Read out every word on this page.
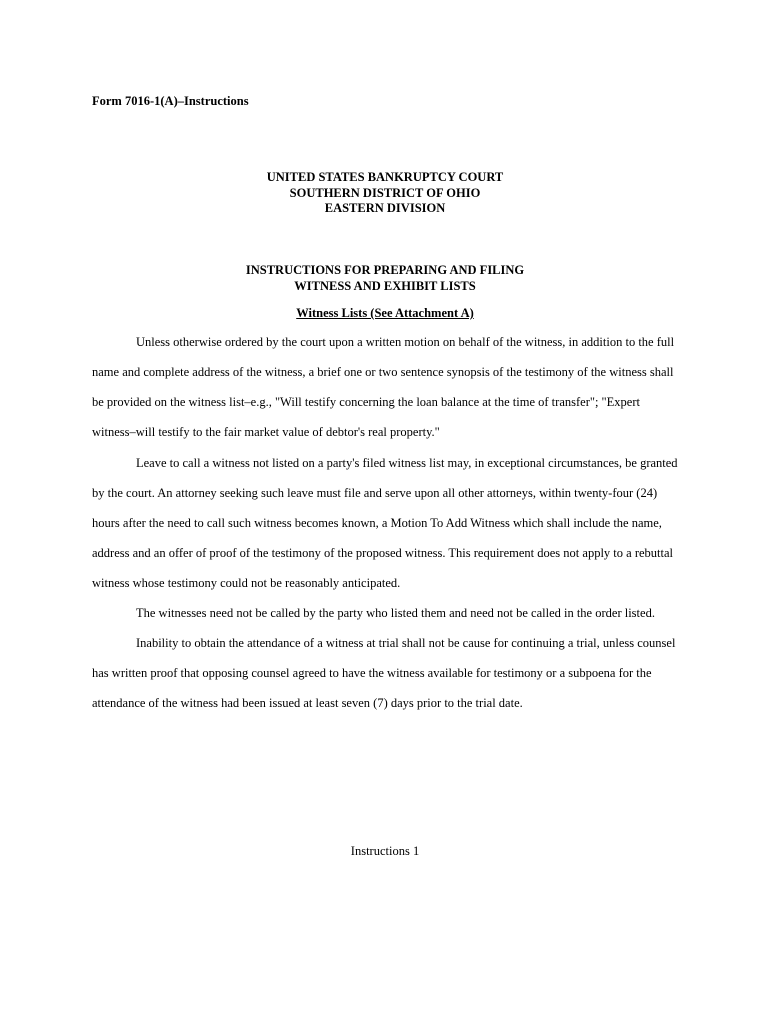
Form 7016-1(A)–Instructions
UNITED STATES BANKRUPTCY COURT
SOUTHERN DISTRICT OF OHIO
EASTERN DIVISION
INSTRUCTIONS FOR PREPARING AND FILING
WITNESS AND EXHIBIT LISTS
Witness Lists (See Attachment A)

Unless otherwise ordered by the court upon a written motion on behalf of the witness, in addition to the full name and complete address of the witness, a brief one or two sentence synopsis of the testimony of the witness shall be provided on the witness list–e.g., "Will testify concerning the loan balance at the time of transfer"; "Expert witness–will testify to the fair market value of debtor's real property."

Leave to call a witness not listed on a party's filed witness list may, in exceptional circumstances, be granted by the court. An attorney seeking such leave must file and serve upon all other attorneys, within twenty-four (24) hours after the need to call such witness becomes known, a Motion To Add Witness which shall include the name, address and an offer of proof of the testimony of the proposed witness. This requirement does not apply to a rebuttal witness whose testimony could not be reasonably anticipated.

The witnesses need not be called by the party who listed them and need not be called in the order listed.

Inability to obtain the attendance of a witness at trial shall not be cause for continuing a trial, unless counsel has written proof that opposing counsel agreed to have the witness available for testimony or a subpoena for the attendance of the witness had been issued at least seven (7) days prior to the trial date.

Instructions 1
